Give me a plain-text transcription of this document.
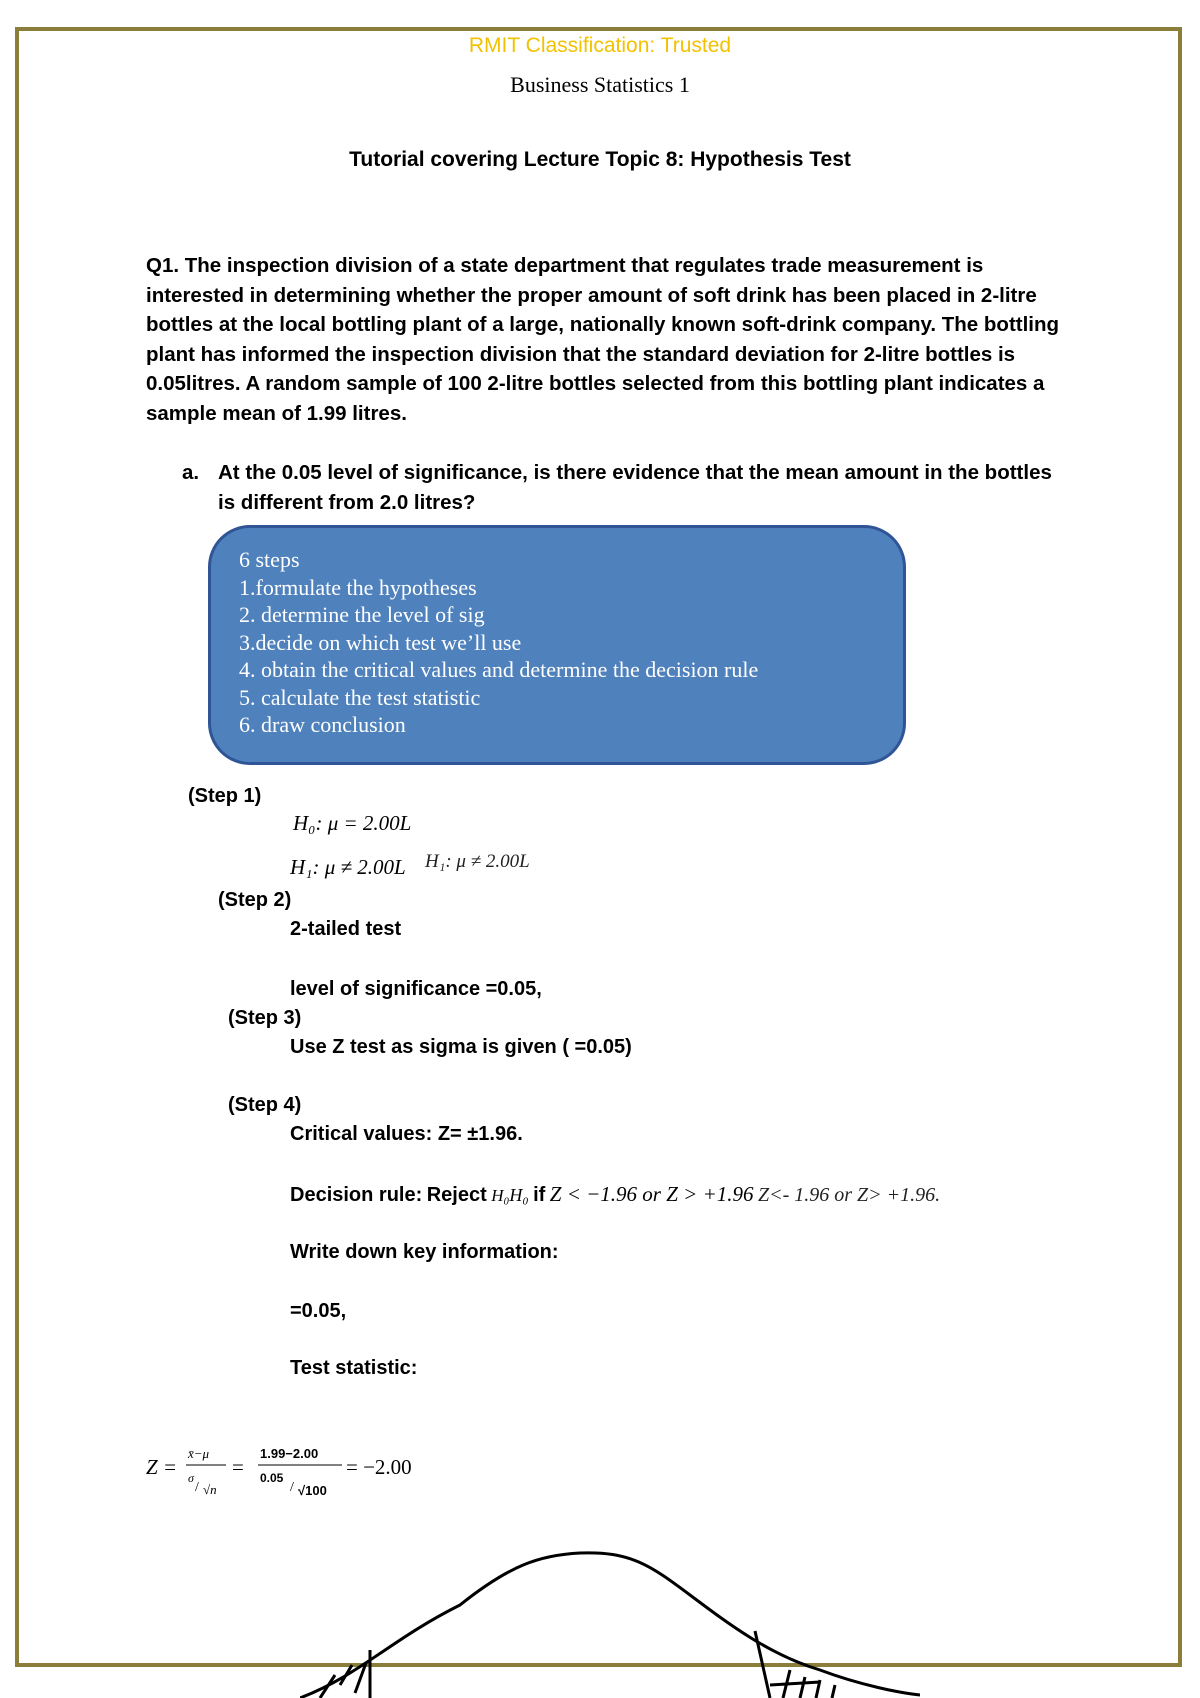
RMIT Classification: Trusted
Business Statistics 1
Tutorial covering Lecture Topic 8: Hypothesis Test
Q1. The inspection division of a state department that regulates trade measurement is interested in determining whether the proper amount of soft drink has been placed in 2-litre bottles at the local bottling plant of a large, nationally known soft-drink company. The bottling plant has informed the inspection division that the standard deviation for 2-litre bottles is 0.05litres. A random sample of 100 2-litre bottles selected from this bottling plant indicates a sample mean of 1.99 litres.
a. At the 0.05 level of significance, is there evidence that the mean amount in the bottles is different from 2.0 litres?
6 steps
1.formulate the hypotheses
2. determine the level of sig
3.decide on which test we’ll use
4. obtain the critical values and determine the decision rule
5. calculate the test statistic
6. draw conclusion
(Step 1)
H₀: μ = 2.00L
H₁: μ ≠ 2.00L H₁: μ ≠ 2.00L
(Step 2)
2-tailed test
level of significance =0.05,
(Step 3)
Use Z test as sigma is given ( =0.05)
(Step 4)
Critical values: Z= ±1.96.
Decision rule: Reject H₀H₀ if Z < −1.96 or Z > +1.96 Z<- 1.96 or Z> +1.96.
Write down key information:
=0.05,
Test statistic:
Z =
x̄−μ
σ
/ √n
=
1.99−2.00
0.05
/ √100
= −2.00
